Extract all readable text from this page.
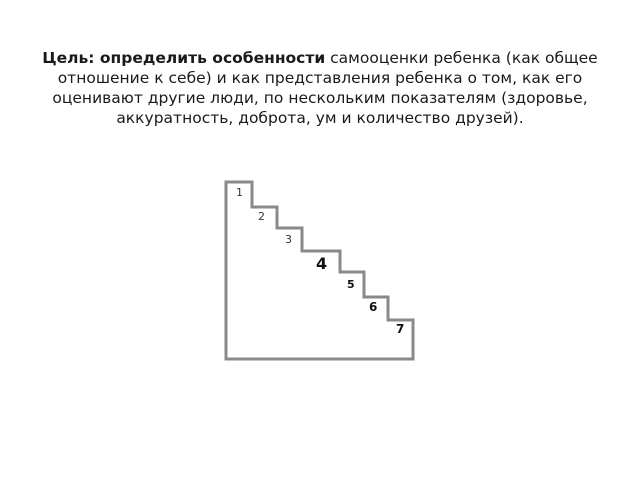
Цель: определить особенности самооценки ребенка (как общее отношение к себе) и как представления ребенка о том, как его оценивают другие люди, по нескольким показателям (здоровье, аккуратность, доброта, ум и количество друзей).

1
2
3
4
5
6
7
